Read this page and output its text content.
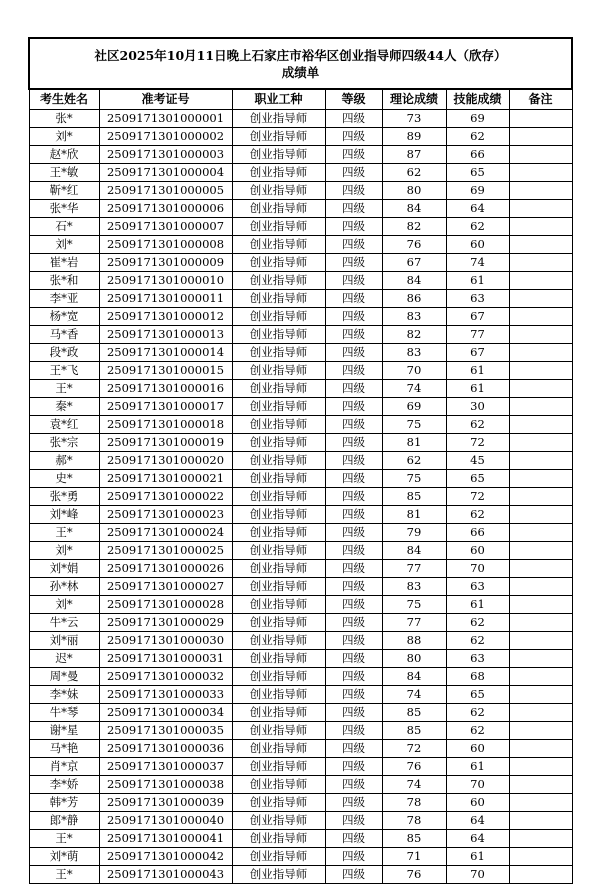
社区2025年10月11日晚上石家庄市裕华区创业指导师四级44人（欣存）
成绩单						

考生姓名	准考证号	职业工种	等级	理论成绩	技能成绩	备注
张*	2509171301000001	创业指导师	四级	73	69	
刘*	2509171301000002	创业指导师	四级	89	62	
赵*欣	2509171301000003	创业指导师	四级	87	66	
王*敏	2509171301000004	创业指导师	四级	62	65	
靳*红	2509171301000005	创业指导师	四级	80	69	
张*华	2509171301000006	创业指导师	四级	84	64	
石*	2509171301000007	创业指导师	四级	82	62	
刘*	2509171301000008	创业指导师	四级	76	60	
崔*岩	2509171301000009	创业指导师	四级	67	74	
张*和	2509171301000010	创业指导师	四级	84	61	
李*亚	2509171301000011	创业指导师	四级	86	63	
杨*宽	2509171301000012	创业指导师	四级	83	67	
马*香	2509171301000013	创业指导师	四级	82	77	
段*政	2509171301000014	创业指导师	四级	83	67	
王*飞	2509171301000015	创业指导师	四级	70	61	
王*	2509171301000016	创业指导师	四级	74	61	
秦*	2509171301000017	创业指导师	四级	69	30	
袁*红	2509171301000018	创业指导师	四级	75	62	
张*宗	2509171301000019	创业指导师	四级	81	72	
郝*	2509171301000020	创业指导师	四级	62	45	
史*	2509171301000021	创业指导师	四级	75	65	
张*勇	2509171301000022	创业指导师	四级	85	72	
刘*峰	2509171301000023	创业指导师	四级	81	62	
王*	2509171301000024	创业指导师	四级	79	66	
刘*	2509171301000025	创业指导师	四级	84	60	
刘*娟	2509171301000026	创业指导师	四级	77	70	
孙*林	2509171301000027	创业指导师	四级	83	63	
刘*	2509171301000028	创业指导师	四级	75	61	
牛*云	2509171301000029	创业指导师	四级	77	62	
刘*丽	2509171301000030	创业指导师	四级	88	62	
迟*	2509171301000031	创业指导师	四级	80	63	
周*曼	2509171301000032	创业指导师	四级	84	68	
李*妹	2509171301000033	创业指导师	四级	74	65	
牛*琴	2509171301000034	创业指导师	四级	85	62	
谢*星	2509171301000035	创业指导师	四级	85	62	
马*艳	2509171301000036	创业指导师	四级	72	60	
肖*京	2509171301000037	创业指导师	四级	76	61	
李*娇	2509171301000038	创业指导师	四级	74	70	
韩*芳	2509171301000039	创业指导师	四级	78	60	
郎*静	2509171301000040	创业指导师	四级	78	64	
王*	2509171301000041	创业指导师	四级	85	64	
刘*萌	2509171301000042	创业指导师	四级	71	61	
王*	2509171301000043	创业指导师	四级	76	70	
